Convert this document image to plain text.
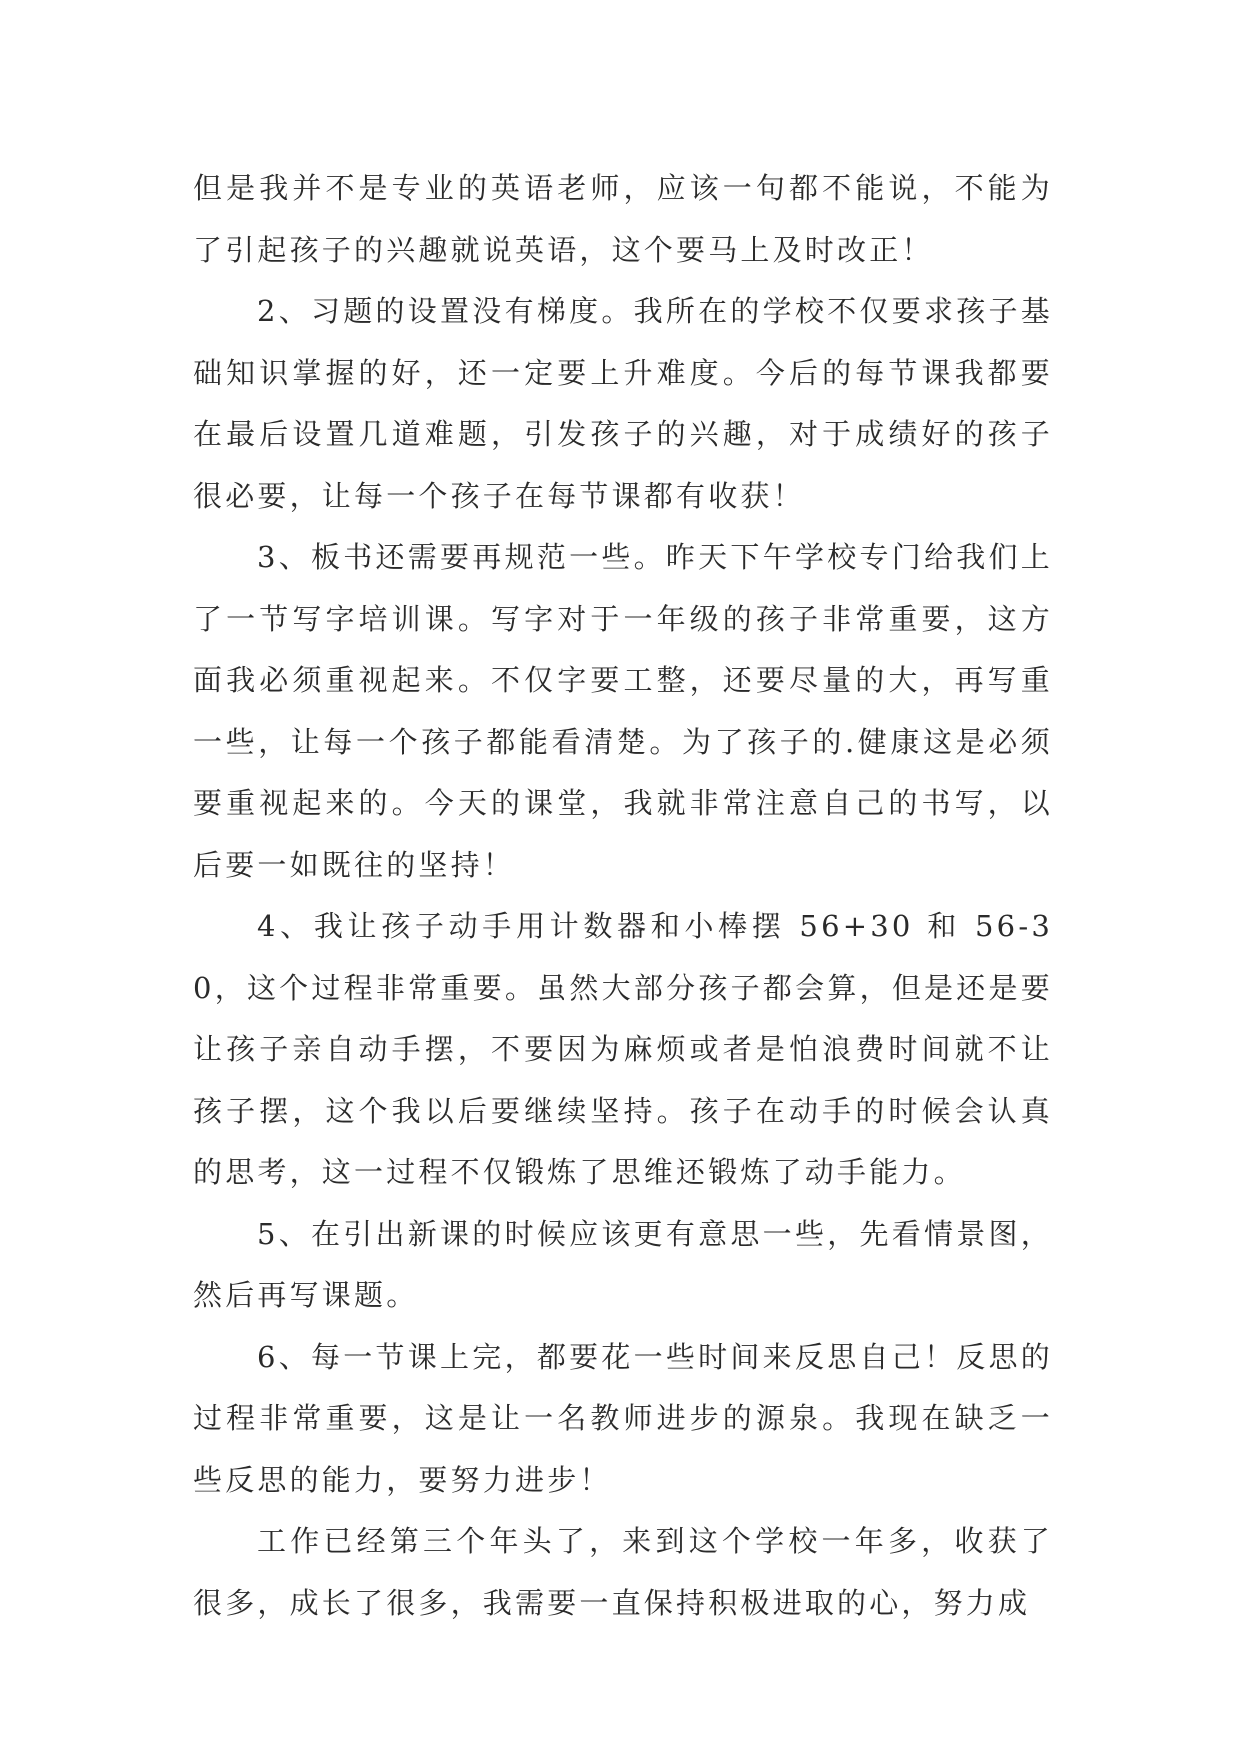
但是我并不是专业的英语老师，应该一句都不能说，不能为了引起孩子的兴趣就说英语，这个要马上及时改正！

2、习题的设置没有梯度。我所在的学校不仅要求孩子基础知识掌握的好，还一定要上升难度。今后的每节课我都要在最后设置几道难题，引发孩子的兴趣，对于成绩好的孩子很必要，让每一个孩子在每节课都有收获！

3、板书还需要再规范一些。昨天下午学校专门给我们上了一节写字培训课。写字对于一年级的孩子非常重要，这方面我必须重视起来。不仅字要工整，还要尽量的大，再写重一些，让每一个孩子都能看清楚。为了孩子的.健康这是必须要重视起来的。今天的课堂，我就非常注意自己的书写，以后要一如既往的坚持！

4、我让孩子动手用计数器和小棒摆 56+30 和 56-30，这个过程非常重要。虽然大部分孩子都会算，但是还是要让孩子亲自动手摆，不要因为麻烦或者是怕浪费时间就不让孩子摆，这个我以后要继续坚持。孩子在动手的时候会认真的思考，这一过程不仅锻炼了思维还锻炼了动手能力。

5、在引出新课的时候应该更有意思一些，先看情景图，然后再写课题。

6、每一节课上完，都要花一些时间来反思自己！反思的过程非常重要，这是让一名教师进步的源泉。我现在缺乏一些反思的能力，要努力进步！

工作已经第三个年头了，来到这个学校一年多，收获了很多，成长了很多，我需要一直保持积极进取的心，努力成
